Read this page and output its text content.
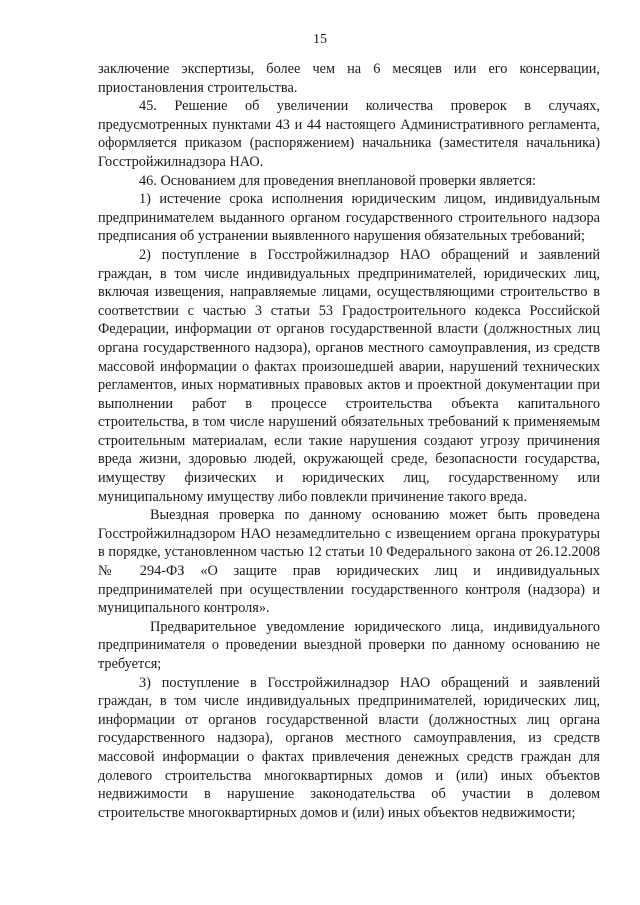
15

заключение экспертизы, более чем на 6 месяцев или его консервации, приостановления строительства.

45. Решение об увеличении количества проверок в случаях, предусмотренных пунктами 43 и 44 настоящего Административного регламента, оформляется приказом (распоряжением) начальника (заместителя начальника) Госстройжилнадзора НАО.

46. Основанием для проведения внеплановой проверки является:

1) истечение срока исполнения юридическим лицом, индивидуальным предпринимателем выданного органом государственного строительного надзора предписания об устранении выявленного нарушения обязательных требований;

2) поступление в Госстройжилнадзор НАО обращений и заявлений граждан, в том числе индивидуальных предпринимателей, юридических лиц, включая извещения, направляемые лицами, осуществляющими строительство в соответствии с частью 3 статьи 53 Градостроительного кодекса Российской Федерации, информации от органов государственной власти (должностных лиц органа государственного надзора), органов местного самоуправления, из средств массовой информации о фактах произошедшей аварии, нарушений технических регламентов, иных нормативных правовых актов и проектной документации при выполнении работ в процессе строительства объекта капитального строительства, в том числе нарушений обязательных требований к применяемым строительным материалам, если такие нарушения создают угрозу причинения вреда жизни, здоровью людей, окружающей среде, безопасности государства, имуществу физических и юридических лиц, государственному или муниципальному имуществу либо повлекли причинение такого вреда.

Выездная проверка по данному основанию может быть проведена Госстройжилнадзором НАО незамедлительно с извещением органа прокуратуры в порядке, установленном частью 12 статьи 10 Федерального закона от 26.12.2008 № 294-ФЗ «О защите прав юридических лиц и индивидуальных предпринимателей при осуществлении государственного контроля (надзора) и муниципального контроля».

Предварительное уведомление юридического лица, индивидуального предпринимателя о проведении выездной проверки по данному основанию не требуется;

3) поступление в Госстройжилнадзор НАО обращений и заявлений граждан, в том числе индивидуальных предпринимателей, юридических лиц, информации от органов государственной власти (должностных лиц органа государственного надзора), органов местного самоуправления, из средств массовой информации о фактах привлечения денежных средств граждан для долевого строительства многоквартирных домов и (или) иных объектов недвижимости в нарушение законодательства об участии в долевом строительстве многоквартирных домов и (или) иных объектов недвижимости;
